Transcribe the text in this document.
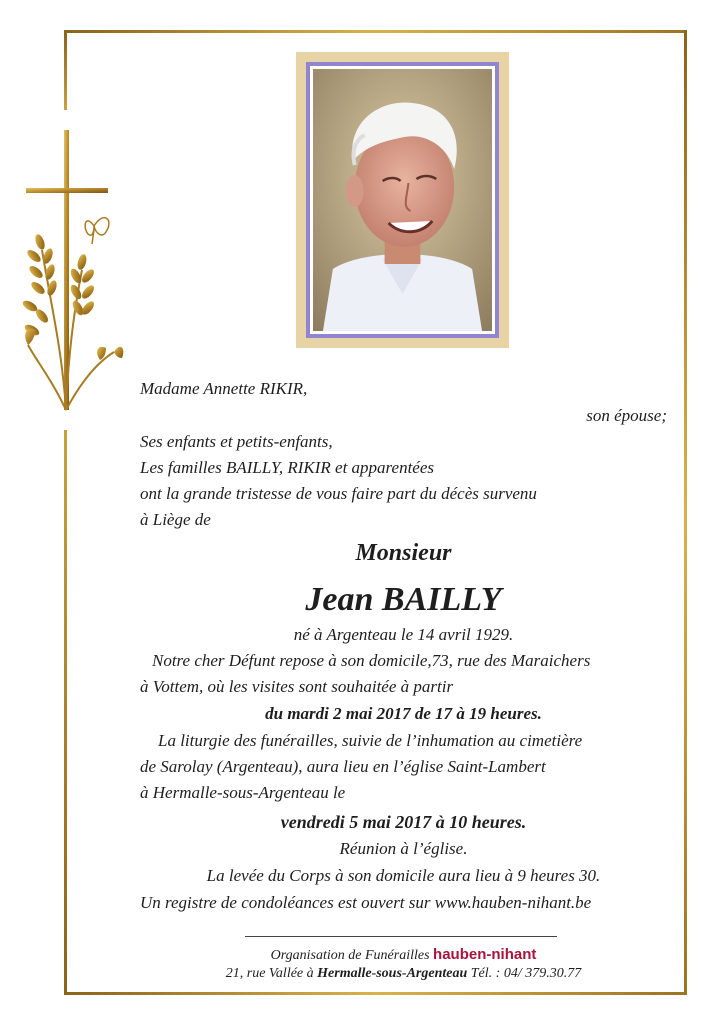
Madame Annette RIKIR,
son épouse;
Ses enfants et petits-enfants,
Les familles BAILLY, RIKIR et apparentées
ont la grande tristesse de vous faire part du décès survenu
à Liège de
Monsieur
Jean BAILLY
né à Argenteau le 14 avril 1929.
Notre cher Défunt repose à son domicile,73, rue des Maraichers
à Vottem, où les visites sont souhaitée à partir
du mardi 2 mai 2017 de 17 à 19 heures.
La liturgie des funérailles, suivie de l’inhumation au cimetière
de Sarolay (Argenteau), aura lieu en l’église Saint-Lambert
à Hermalle-sous-Argenteau le
vendredi 5 mai 2017 à 10 heures.
Réunion à l’église.
La levée du Corps à son domicile aura lieu à 9 heures 30.
Un registre de condoléances est ouvert sur www.hauben-nihant.be
Organisation de Funérailles hauben-nihant
21, rue Vallée à Hermalle-sous-Argenteau Tél. : 04/ 379.30.77
